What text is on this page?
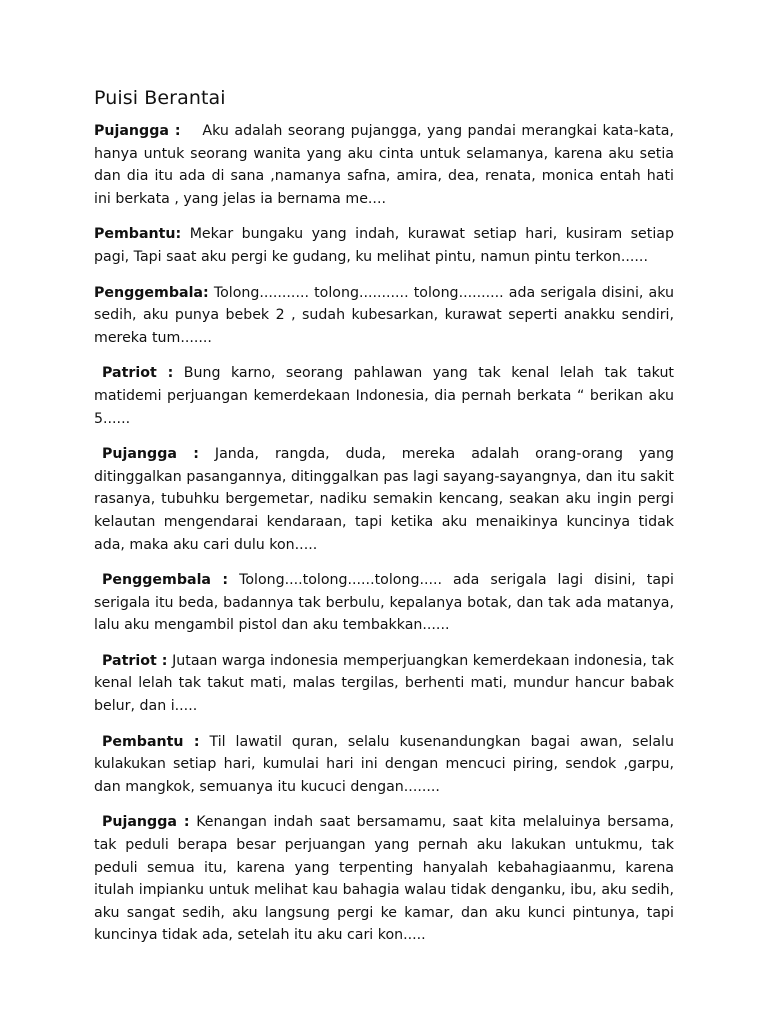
Puisi Berantai

Pujangga :    Aku adalah seorang pujangga, yang pandai merangkai kata-kata, hanya untuk seorang wanita yang aku cinta untuk selamanya, karena aku setia dan dia itu ada di sana ,namanya safna, amira, dea, renata, monica entah hati ini berkata , yang jelas ia bernama me....

Pembantu: Mekar bungaku yang indah, kurawat setiap hari, kusiram setiap pagi, Tapi saat aku pergi ke gudang, ku melihat pintu, namun pintu terkon......

Penggembala: Tolong........... tolong........... tolong.......... ada serigala disini, aku sedih, aku punya bebek 2 , sudah kubesarkan, kurawat seperti anakku sendiri, mereka tum.......

Patriot : Bung karno, seorang pahlawan yang tak kenal lelah tak takut matidemi perjuangan kemerdekaan Indonesia, dia pernah berkata “ berikan aku 5......

Pujangga : Janda, rangda, duda, mereka adalah orang-orang yang ditinggalkan pasangannya, ditinggalkan pas lagi sayang-sayangnya, dan itu sakit rasanya, tubuhku bergemetar, nadiku semakin kencang, seakan aku ingin pergi kelautan mengendarai kendaraan, tapi ketika aku menaikinya kuncinya tidak ada, maka aku cari dulu kon.....

Penggembala : Tolong....tolong......tolong..... ada serigala lagi disini, tapi serigala itu beda, badannya tak berbulu, kepalanya botak, dan tak ada matanya, lalu aku mengambil pistol dan aku tembakkan......

Patriot : Jutaan warga indonesia memperjuangkan kemerdekaan indonesia, tak kenal lelah tak takut mati, malas tergilas, berhenti mati, mundur hancur babak belur, dan i.....

Pembantu : Til lawatil quran, selalu kusenandungkan bagai awan, selalu kulakukan setiap hari, kumulai hari ini dengan mencuci piring, sendok ,garpu, dan mangkok, semuanya itu kucuci dengan........

Pujangga : Kenangan indah saat bersamamu, saat kita melaluinya bersama, tak peduli berapa besar perjuangan yang pernah aku lakukan untukmu, tak peduli semua itu, karena yang terpenting hanyalah kebahagiaanmu, karena itulah impianku untuk melihat kau bahagia walau tidak denganku, ibu, aku sedih, aku sangat sedih, aku langsung pergi ke kamar, dan aku kunci pintunya, tapi kuncinya tidak ada, setelah itu aku cari kon.....
